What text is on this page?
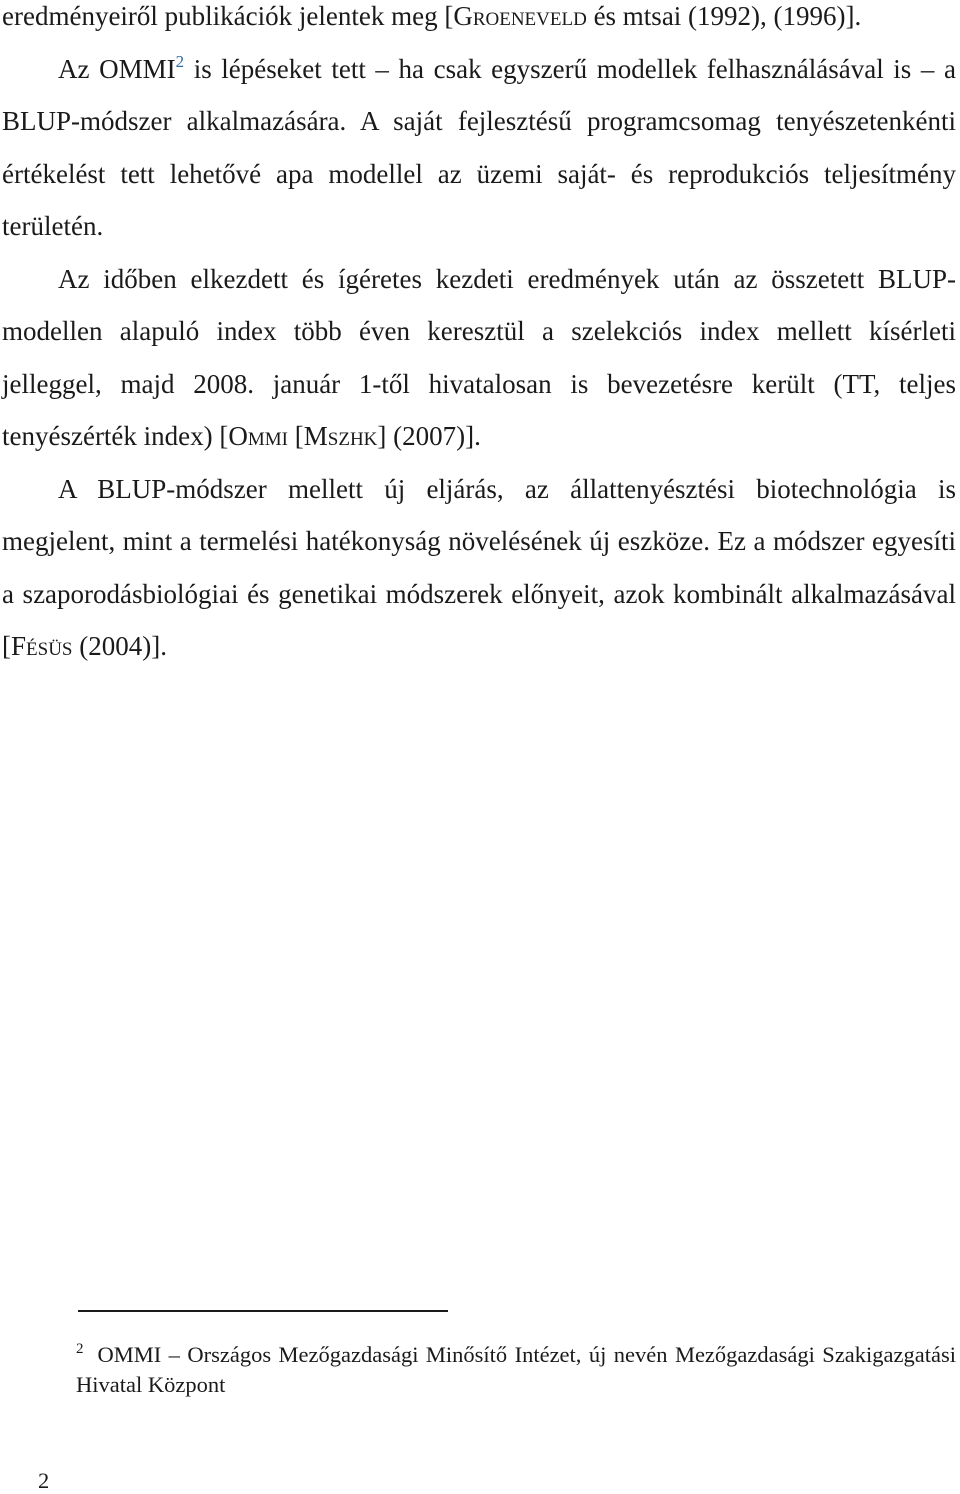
eredményeiről publikációk jelentek meg [Groeneveld és mtsai (1992), (1996)].

Az OMMI$^2$ is lépéseket tett – ha csak egyszerű modellek felhasználásával is – a BLUP-módszer alkalmazására. A saját fejlesztésű programcsomag tenyészetenkénti értékelést tett lehetővé apa modellel az üzemi saját- és reprodukciós teljesítmény területén.

Az időben elkezdett és ígéretes kezdeti eredmények után az összetett BLUP-modellen alapuló index több éven keresztül a szelekciós index mellett kísérleti jelleggel, majd 2008. január 1-től hivatalosan is bevezetésre került (TT, teljes tenyészérték index) [Ommi [Mszhk] (2007)].

A BLUP-módszer mellett új eljárás, az állattenyésztési biotechnológia is megjelent, mint a termelési hatékonyság növelésének új eszköze. Ez a módszer egyesíti a szaporodásbiológiai és genetikai módszerek előnyeit, azok kombinált alkalmazásával [Fésüs (2004)].

$^2$ OMMI – Országos Mezőgazdasági Minősítő Intézet, új nevén Mezőgazdasági Szakigazgatási Hivatal Központ

2
